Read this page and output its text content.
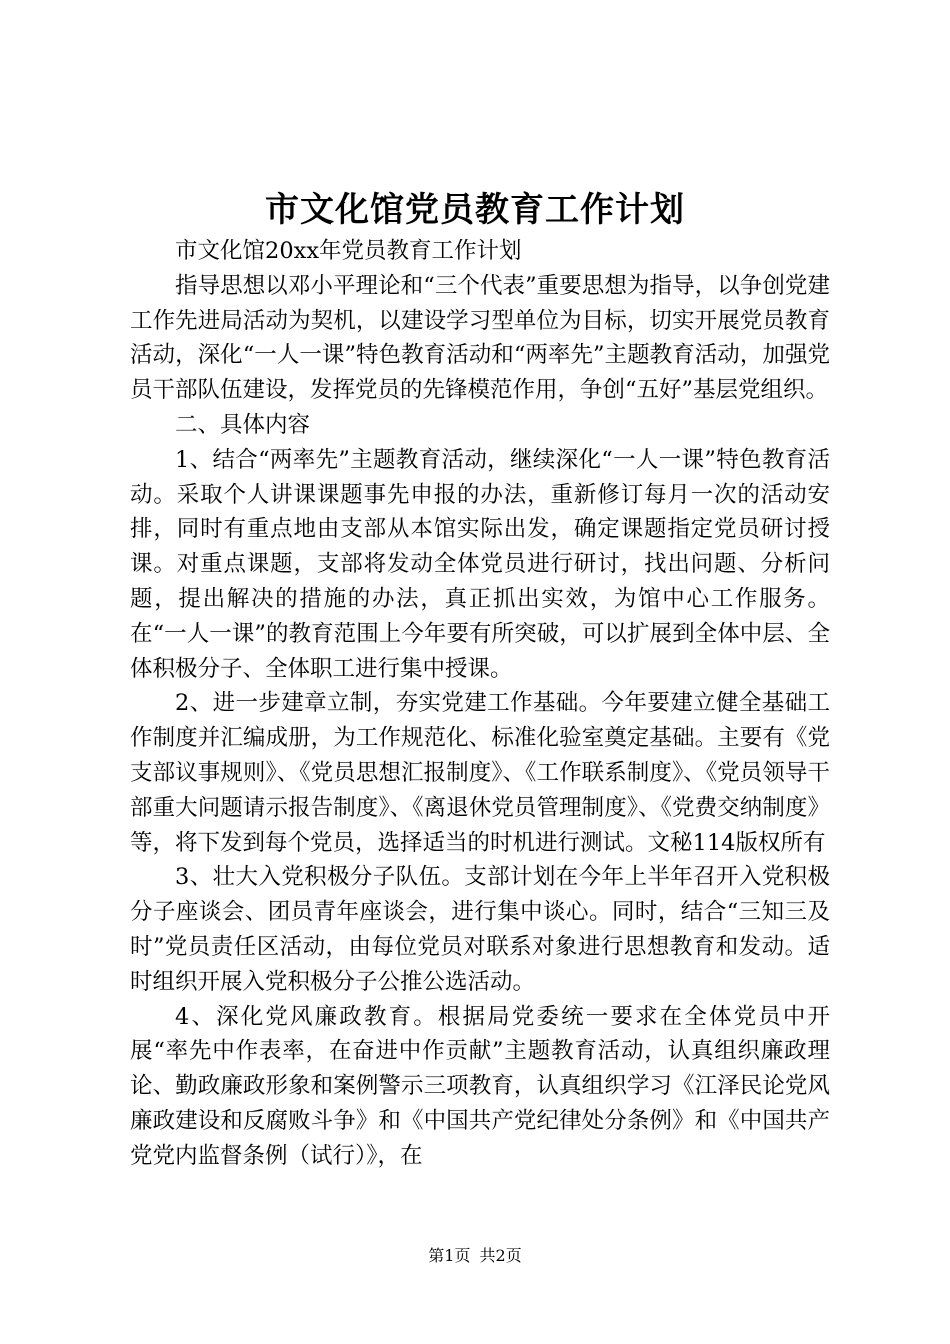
市文化馆党员教育工作计划

市文化馆20xx年党员教育工作计划

指导思想以邓小平理论和“三个代表”重要思想为指导，以争创党建工作先进局活动为契机，以建设学习型单位为目标，切实开展党员教育活动，深化“一人一课”特色教育活动和“两率先”主题教育活动，加强党员干部队伍建设，发挥党员的先锋模范作用，争创“五好”基层党组织。

二、具体内容

1、结合“两率先”主题教育活动，继续深化“一人一课”特色教育活动。采取个人讲课课题事先申报的办法，重新修订每月一次的活动安排，同时有重点地由支部从本馆实际出发，确定课题指定党员研讨授课。对重点课题，支部将发动全体党员进行研讨，找出问题、分析问题，提出解决的措施的办法，真正抓出实效，为馆中心工作服务。在“一人一课”的教育范围上今年要有所突破，可以扩展到全体中层、全体积极分子、全体职工进行集中授课。

2、进一步建章立制，夯实党建工作基础。今年要建立健全基础工作制度并汇编成册，为工作规范化、标准化验室奠定基础。主要有《党支部议事规则》、《党员思想汇报制度》、《工作联系制度》、《党员领导干部重大问题请示报告制度》、《离退休党员管理制度》、《党费交纳制度》等，将下发到每个党员，选择适当的时机进行测试。文秘114版权所有

3、壮大入党积极分子队伍。支部计划在今年上半年召开入党积极分子座谈会、团员青年座谈会，进行集中谈心。同时，结合“三知三及时”党员责任区活动，由每位党员对联系对象进行思想教育和发动。适时组织开展入党积极分子公推公选活动。

4、深化党风廉政教育。根据局党委统一要求在全体党员中开展“率先中作表率，在奋进中作贡献”主题教育活动，认真组织廉政理论、勤政廉政形象和案例警示三项教育，认真组织学习《江泽民论党风廉政建设和反腐败斗争》和《中国共产党纪律处分条例》和《中国共产党党内监督条例（试行）》，在

第1页 共2页
